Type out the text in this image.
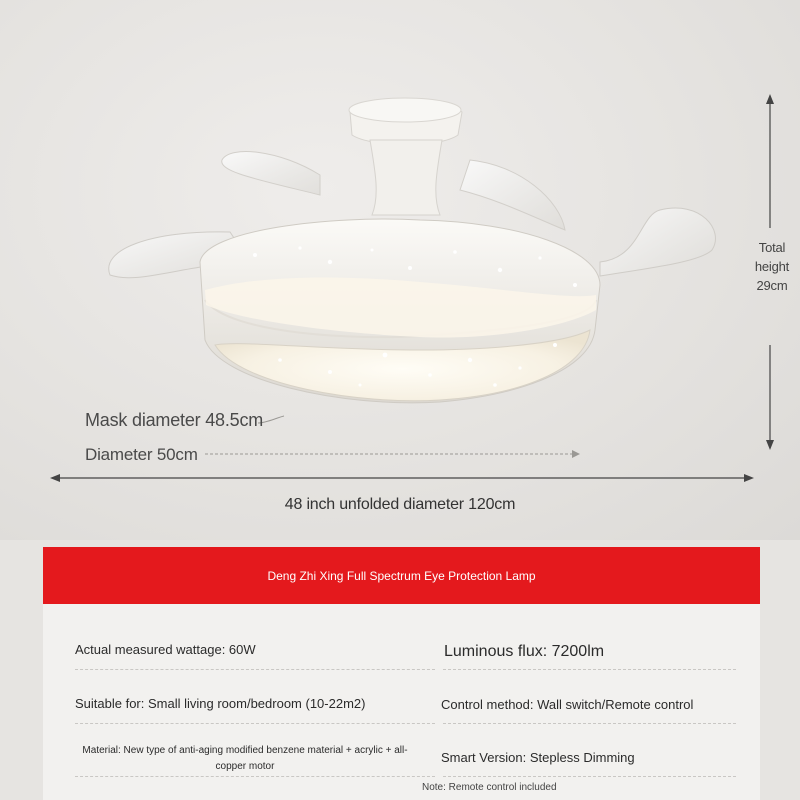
Mask diameter 48.5cm
Diameter 50cm
48 inch unfolded diameter 120cm
Total
height
29cm
Deng Zhi Xing Full Spectrum Eye Protection Lamp
Actual measured wattage: 60W	Luminous flux: 7200lm
Suitable for: Small living room/bedroom (10-22m2)	Control method: Wall switch/Remote control
Material: New type of anti-aging modified benzene material + acrylic + all-copper motor
Smart Version: Stepless Dimming
Note: Remote control included
